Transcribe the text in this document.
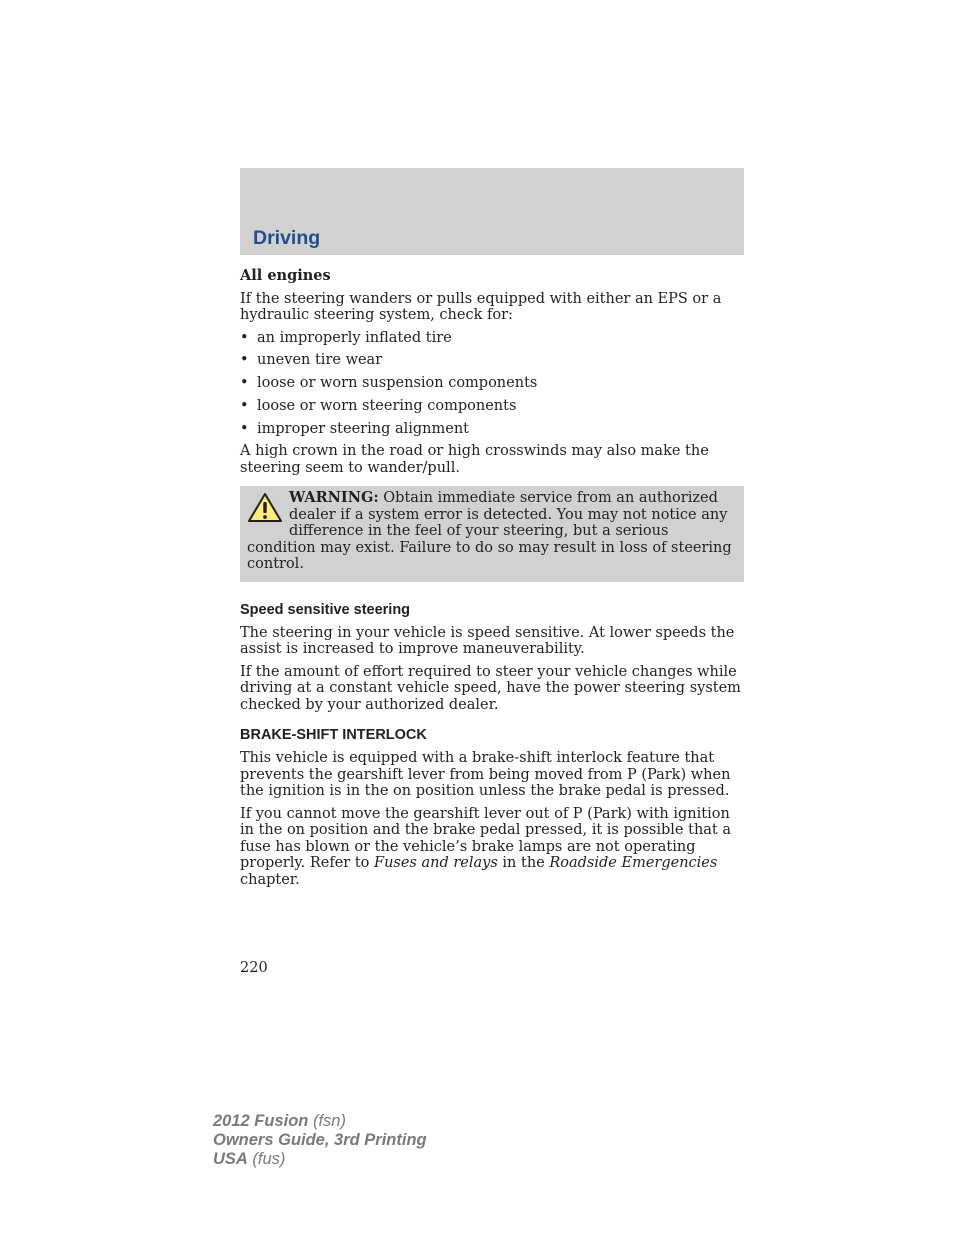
Driving

All engines

If the steering wanders or pulls equipped with either an EPS or a hydraulic steering system, check for:

• an improperly inflated tire
• uneven tire wear
• loose or worn suspension components
• loose or worn steering components
• improper steering alignment

A high crown in the road or high crosswinds may also make the steering seem to wander/pull.

WARNING: Obtain immediate service from an authorized dealer if a system error is detected. You may not notice any difference in the feel of your steering, but a serious condition may exist. Failure to do so may result in loss of steering control.

Speed sensitive steering

The steering in your vehicle is speed sensitive. At lower speeds the assist is increased to improve maneuverability.

If the amount of effort required to steer your vehicle changes while driving at a constant vehicle speed, have the power steering system checked by your authorized dealer.

BRAKE-SHIFT INTERLOCK

This vehicle is equipped with a brake-shift interlock feature that prevents the gearshift lever from being moved from P (Park) when the ignition is in the on position unless the brake pedal is pressed.

If you cannot move the gearshift lever out of P (Park) with ignition in the on position and the brake pedal pressed, it is possible that a fuse has blown or the vehicle’s brake lamps are not operating properly. Refer to Fuses and relays in the Roadside Emergencies chapter.

220

2012 Fusion (fsn)
Owners Guide, 3rd Printing
USA (fus)
